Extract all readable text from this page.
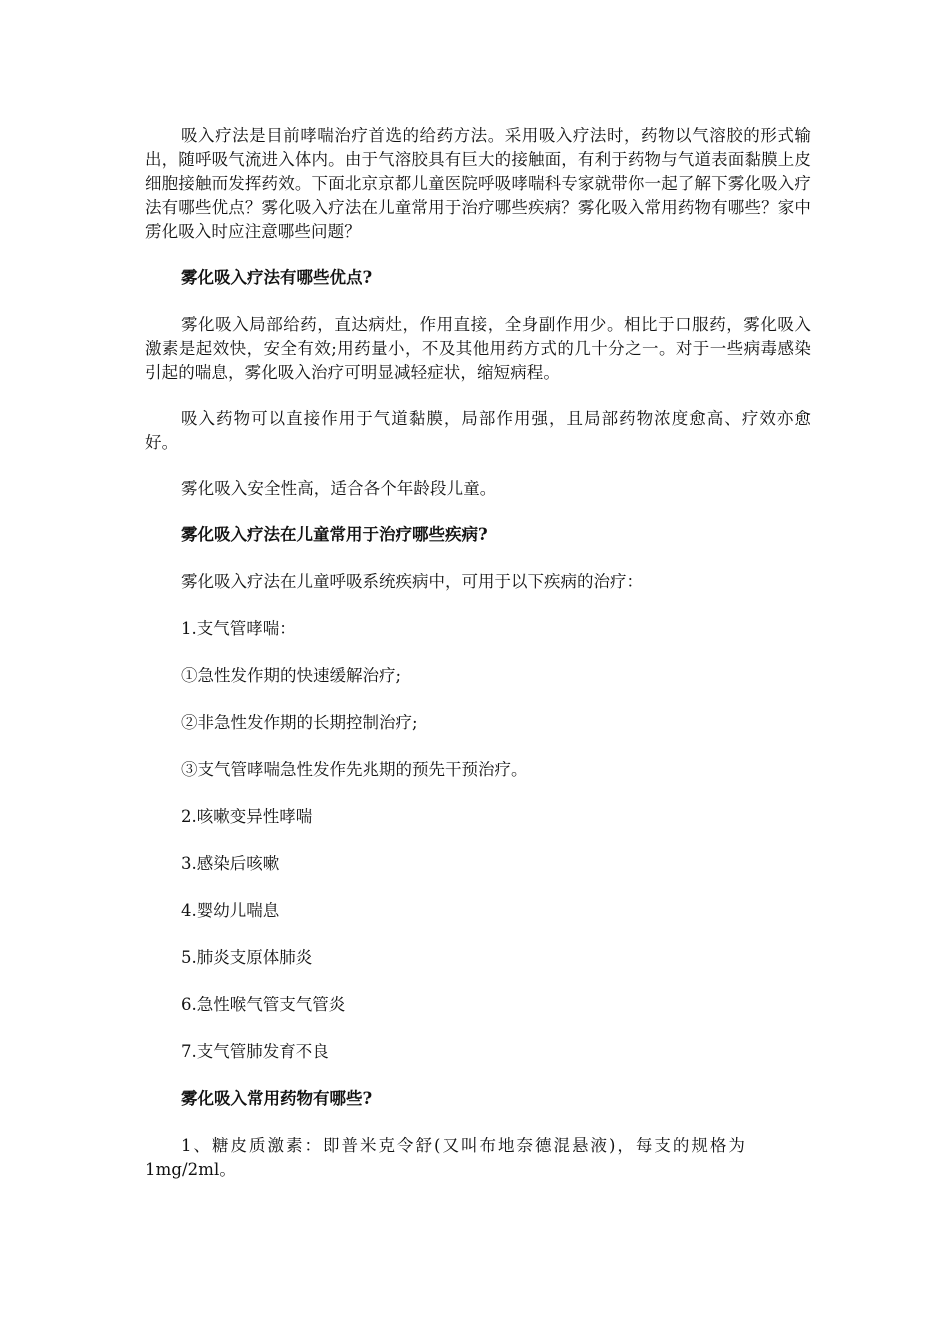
吸入疗法是目前哮喘治疗首选的给药方法。采用吸入疗法时，药物以气溶胶的形式输出，随呼吸气流进入体内。由于气溶胶具有巨大的接触面，有利于药物与气道表面黏膜上皮细胞接触而发挥药效。下面北京京都儿童医院呼吸哮喘科专家就带你一起了解下雾化吸入疗法有哪些优点？雾化吸入疗法在儿童常用于治疗哪些疾病？雾化吸入常用药物有哪些？家中雳化吸入时应注意哪些问题？

雾化吸入疗法有哪些优点?

雾化吸入局部给药，直达病灶，作用直接，全身副作用少。相比于口服药，雾化吸入激素是起效快，安全有效;用药量小，不及其他用药方式的几十分之一。对于一些病毒感染引起的喘息，雾化吸入治疗可明显减轻症状，缩短病程。

吸入药物可以直接作用于气道黏膜，局部作用强，且局部药物浓度愈高、疗效亦愈好。

雾化吸入安全性高，适合各个年龄段儿童。

雾化吸入疗法在儿童常用于治疗哪些疾病?

雾化吸入疗法在儿童呼吸系统疾病中，可用于以下疾病的治疗：

1.支气管哮喘：

①急性发作期的快速缓解治疗;

②非急性发作期的长期控制治疗;

③支气管哮喘急性发作先兆期的预先干预治疗。

2.咳嗽变异性哮喘

3.感染后咳嗽

4.婴幼儿喘息

5.肺炎支原体肺炎

6.急性喉气管支气管炎

7.支气管肺发育不良

雾化吸入常用药物有哪些?

1、糖皮质激素：即普米克令舒(又叫布地奈德混悬液)，每支的规格为 1mg/2ml。
